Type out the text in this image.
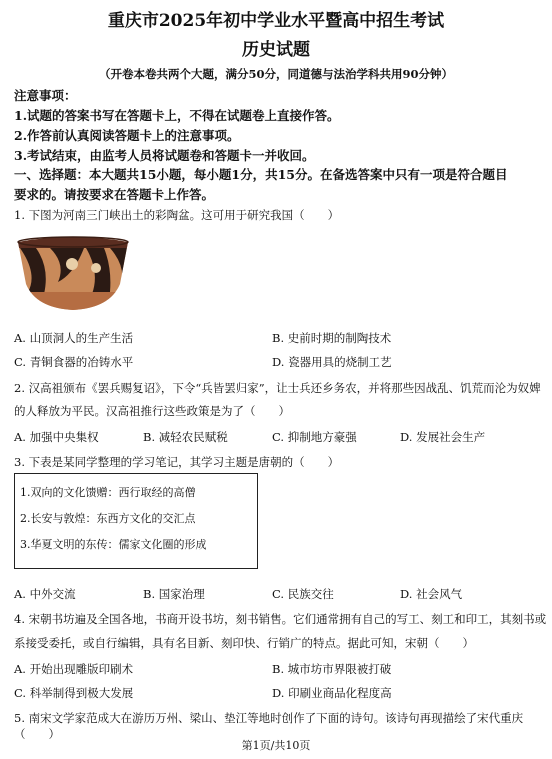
重庆市2025年初中学业水平暨高中招生考试
历史试题
（开卷本卷共两个大题，满分50分，同道德与法治学科共用90分钟）
注意事项：
1.试题的答案书写在答题卡上，不得在试题卷上直接作答。
2.作答前认真阅读答题卡上的注意事项。
3.考试结束，由监考人员将试题卷和答题卡一并收回。
一、选择题：本大题共15小题，每小题1分，共15分。在备选答案中只有一项是符合题目
要求的。请按要求在答题卡上作答。
1. 下图为河南三门峡出土的彩陶盆。这可用于研究我国（　　）
A. 山顶洞人的生产生活	B. 史前时期的制陶技术
C. 青铜食器的冶铸水平	D. 瓷器用具的烧制工艺
2. 汉高祖颁布《罢兵赐复诏》，下令“兵皆罢归家”，让士兵还乡务农，并将那些因战乱、饥荒而沦为奴婢
的人释放为平民。汉高祖推行这些政策是为了（　　）
A. 加强中央集权	B. 减轻农民赋税	C. 抑制地方豪强	D. 发展社会生产
3. 下表是某同学整理的学习笔记，其学习主题是唐朝的（　　）
1.双向的文化馈赠：西行取经的高僧
2.长安与敦煌：东西方文化的交汇点
3.华夏文明的东传：儒家文化圈的形成
A. 中外交流	B. 国家治理	C. 民族交往	D. 社会风气
4. 宋朝书坊遍及全国各地，书商开设书坊，刻书销售。它们通常拥有自己的写工、刻工和印工，其刻书或
系接受委托，或自行编辑，具有名目新、刻印快、行销广的特点。据此可知，宋朝（　　）
A. 开始出现雕版印刷术	B. 城市坊市界限被打破
C. 科举制得到极大发展	D. 印刷业商品化程度高
5. 南宋文学家范成大在游历万州、梁山、垫江等地时创作了下面的诗句。该诗句再现描绘了宋代重庆（　　）
第1页/共10页
